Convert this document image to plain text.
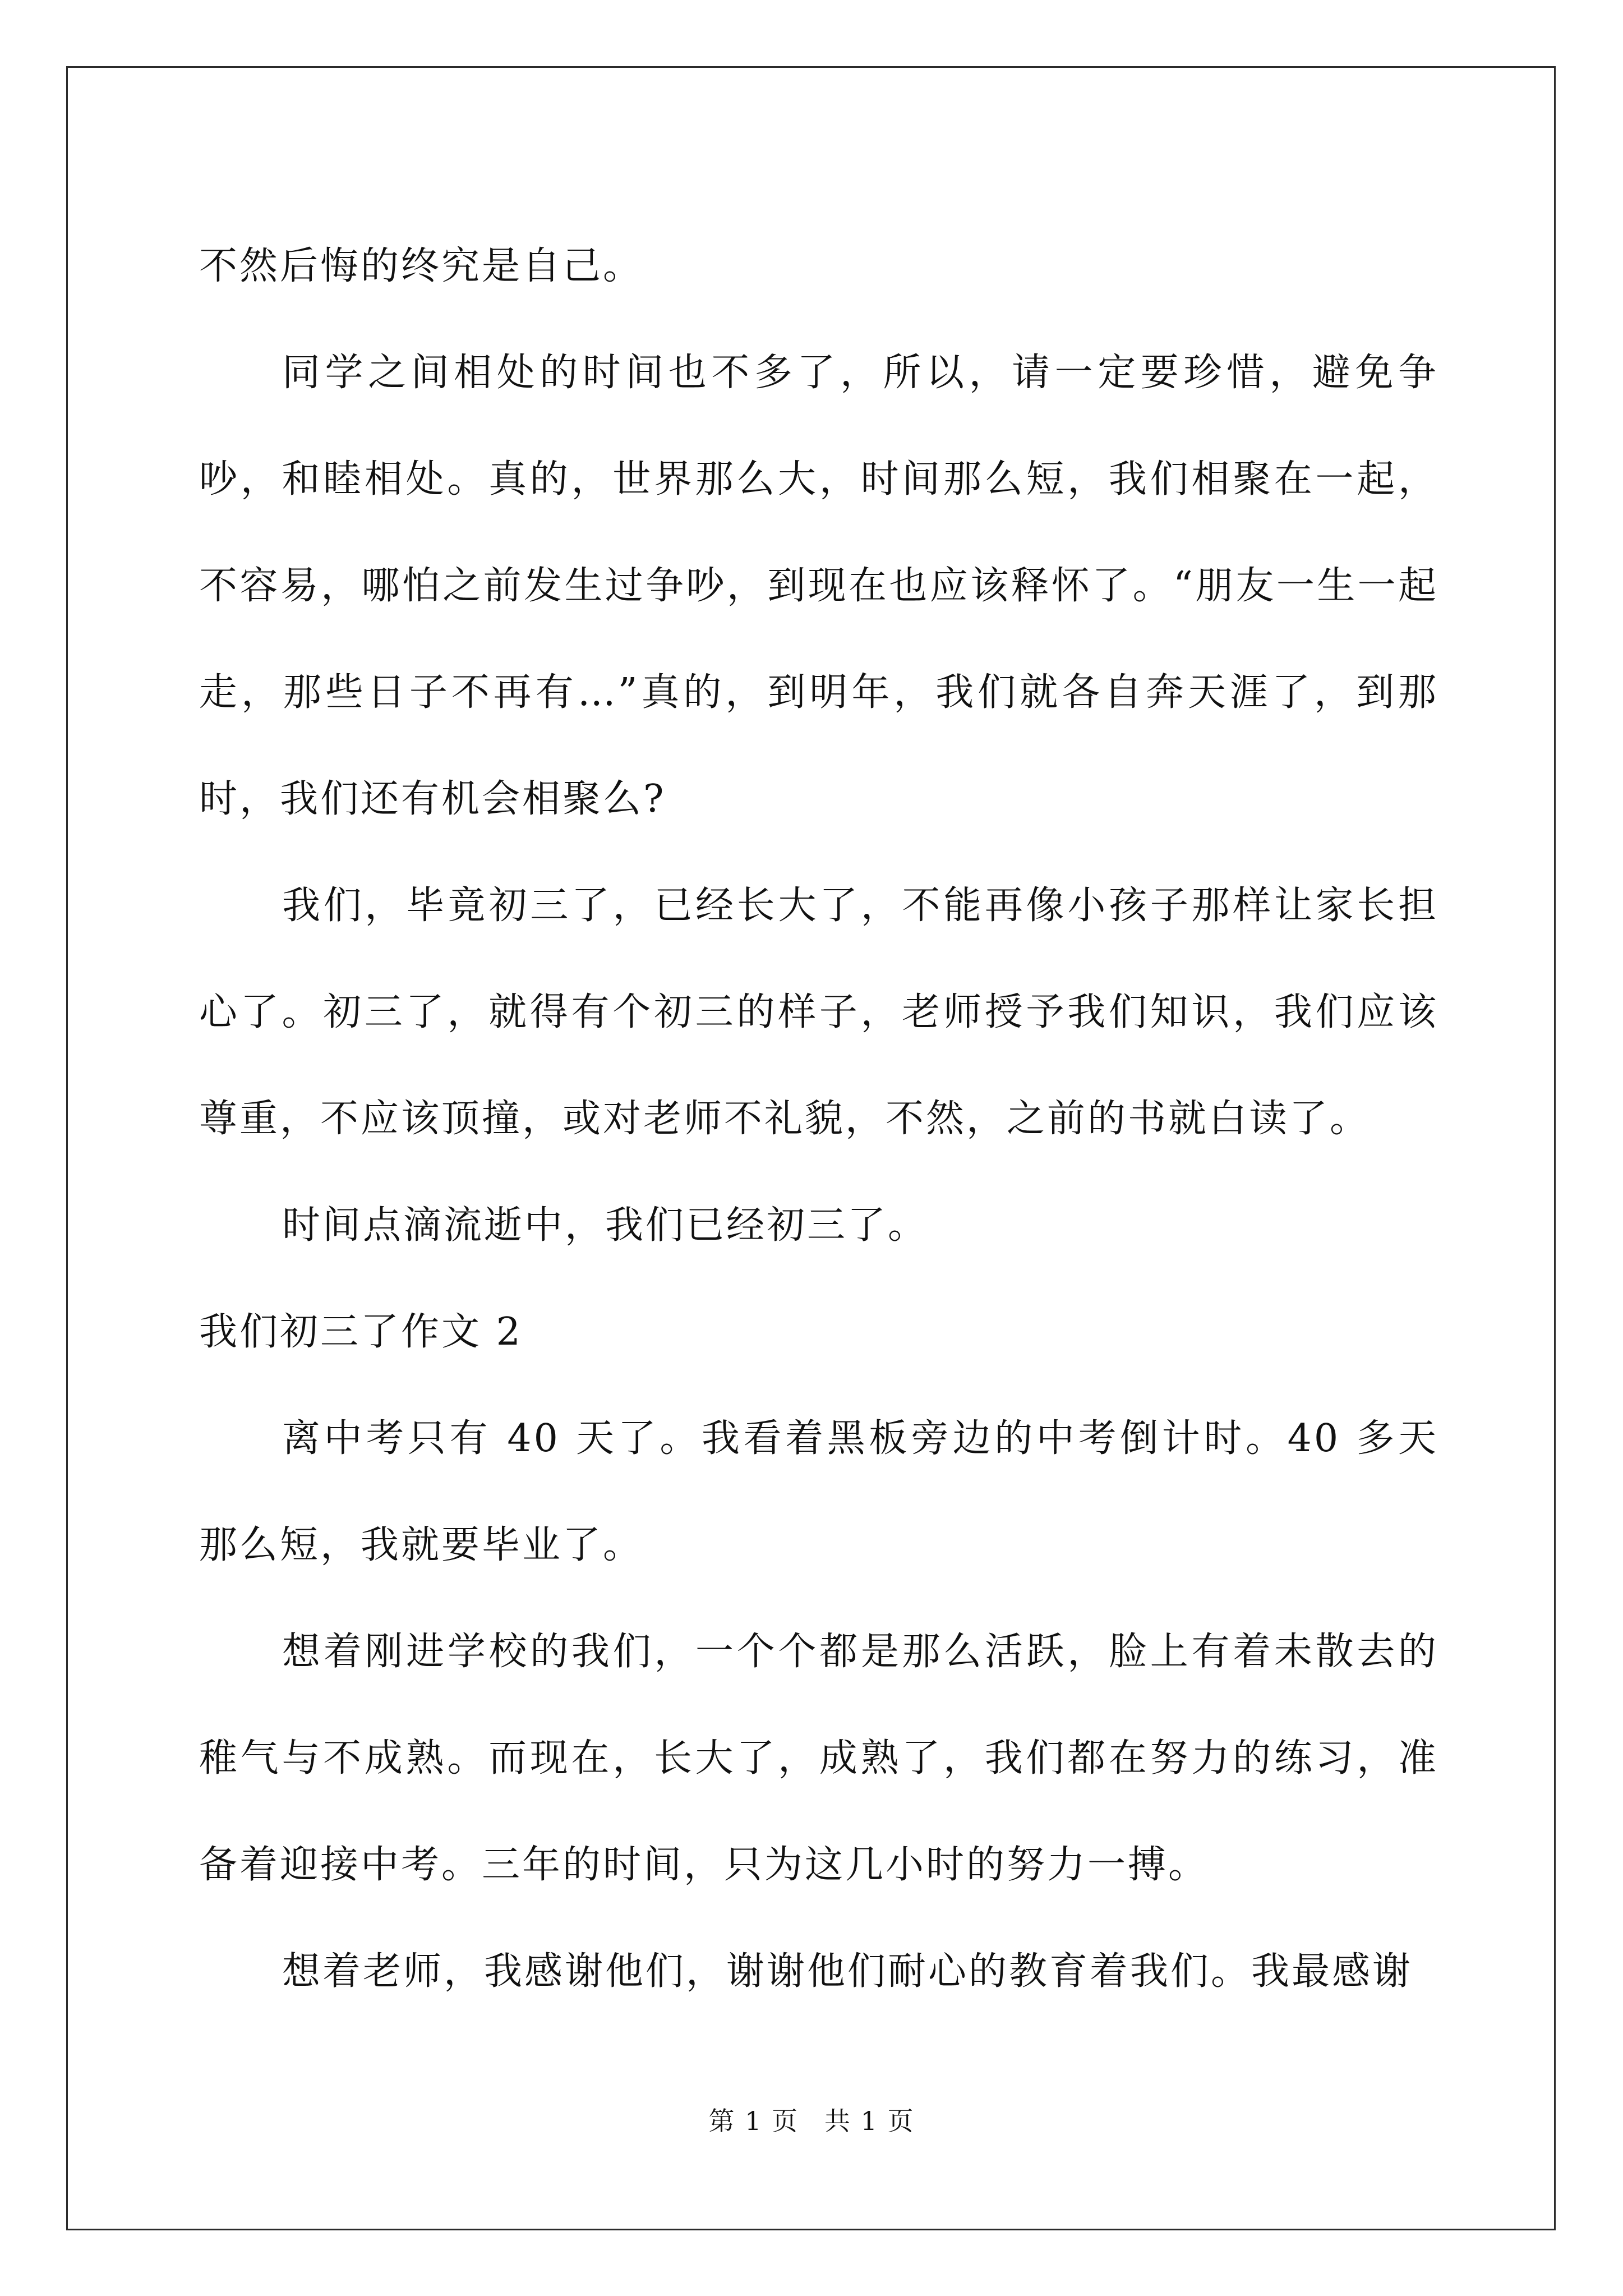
不然后悔的终究是自己。

同学之间相处的时间也不多了，所以，请一定要珍惜，避免争吵，和睦相处。真的，世界那么大，时间那么短，我们相聚在一起，不容易，哪怕之前发生过争吵，到现在也应该释怀了。“朋友一生一起走，那些日子不再有…”真的，到明年，我们就各自奔天涯了，到那时，我们还有机会相聚么?

我们，毕竟初三了，已经长大了，不能再像小孩子那样让家长担心了。初三了，就得有个初三的样子，老师授予我们知识，我们应该尊重，不应该顶撞，或对老师不礼貌，不然，之前的书就白读了。

时间点滴流逝中，我们已经初三了。

我们初三了作文 2

离中考只有 40 天了。我看着黑板旁边的中考倒计时。40 多天那么短，我就要毕业了。

想着刚进学校的我们，一个个都是那么活跃，脸上有着未散去的稚气与不成熟。而现在，长大了，成熟了，我们都在努力的练习，准备着迎接中考。三年的时间，只为这几小时的努力一搏。

想着老师，我感谢他们，谢谢他们耐心的教育着我们。我最感谢

第 1 页 共 1 页
